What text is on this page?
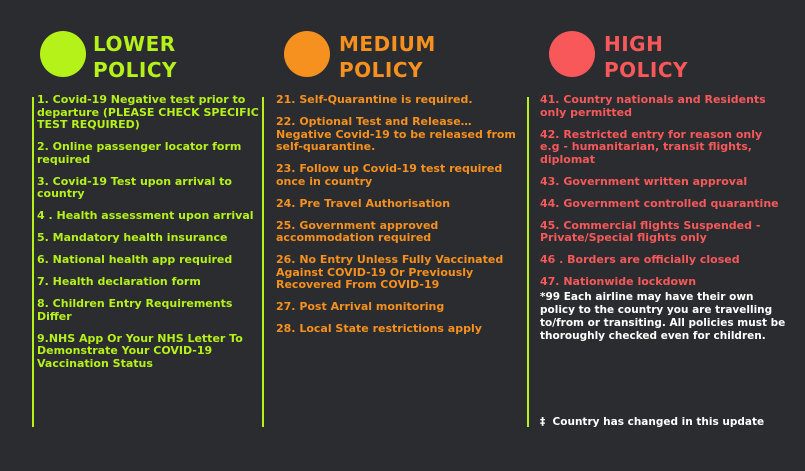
LOWER
POLICY
1. Covid-19 Negative test prior to departure (PLEASE CHECK SPECIFIC TEST REQUIRED)
2. Online passenger locator form required
3. Covid-19 Test upon arrival to country
4 . Health assessment upon arrival
5. Mandatory health insurance
6. National health app required
7. Health declaration form
8. Children Entry Requirements Differ
9.NHS App Or Your NHS Letter To Demonstrate Your COVID-19 Vaccination Status
MEDIUM
POLICY
21. Self-Quarantine is required.
22. Optional Test and Release… Negative Covid-19 to be released from self-quarantine.
23. Follow up Covid-19 test required once in country
24. Pre Travel Authorisation
25. Government approved accommodation required
26. No Entry Unless Fully Vaccinated Against COVID-19 Or Previously Recovered From COVID-19
27. Post Arrival monitoring
28. Local State restrictions apply
HIGH
POLICY
41. Country nationals and Residents only permitted
42. Restricted entry for reason only e.g - humanitarian, transit flights, diplomat
43. Government written approval
44. Government controlled quarantine
45. Commercial flights Suspended - Private/Special flights only
46 . Borders are officially closed
47. Nationwide lockdown
*99 Each airline may have their own policy to the country you are travelling to/from or transiting. All policies must be thoroughly checked even for children.
‡  Country has changed in this update
